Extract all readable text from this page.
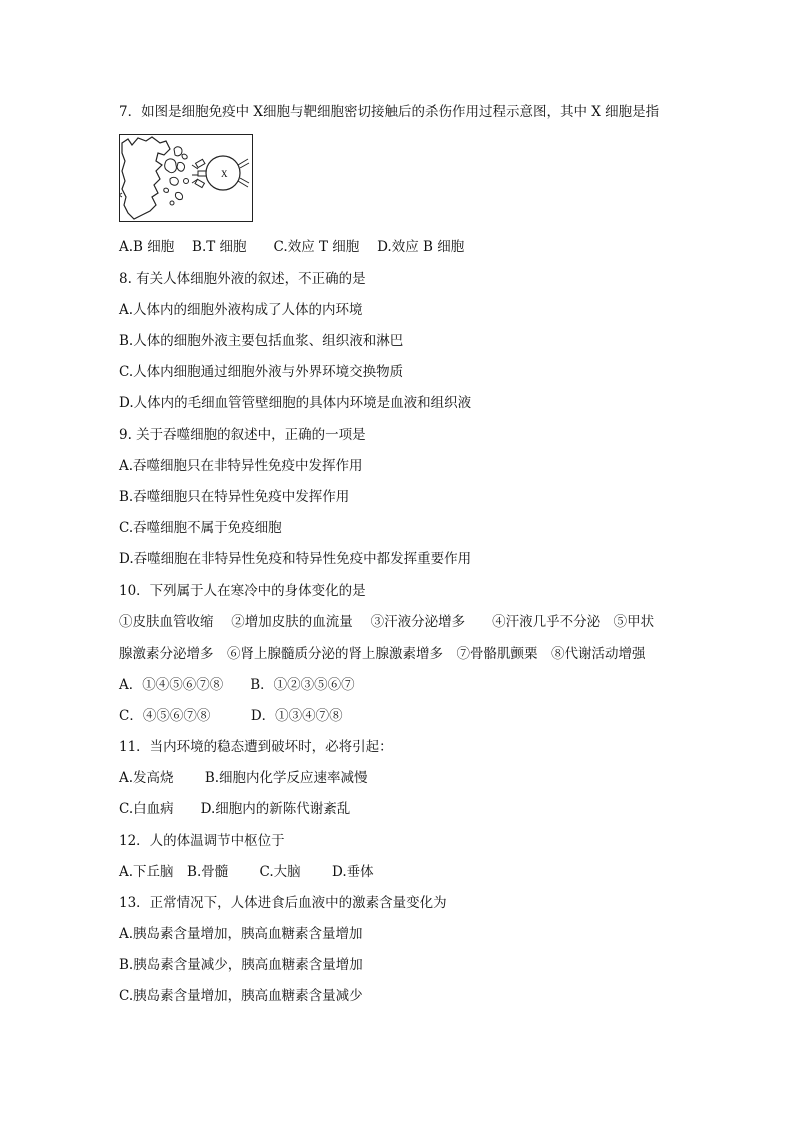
7．如图是细胞免疫中 X细胞与靶细胞密切接触后的杀伤作用过程示意图，其中 X 细胞是指
X
A.B 细胞　 B.T 细胞　　C.效应 T 细胞　 D.效应 B 细胞
8. 有关人体细胞外液的叙述，不正确的是
A.人体内的细胞外液构成了人体的内环境
B.人体的细胞外液主要包括血浆、组织液和淋巴
C.人体内细胞通过细胞外液与外界环境交换物质
D.人体内的毛细血管管壁细胞的具体内环境是血液和组织液
9. 关于吞噬细胞的叙述中，正确的一项是
A.吞噬细胞只在非特异性免疫中发挥作用
B.吞噬细胞只在特异性免疫中发挥作用
C.吞噬细胞不属于免疫细胞
D.吞噬细胞在非特异性免疫和特异性免疫中都发挥重要作用
10．下列属于人在寒冷中的身体变化的是
①皮肤血管收缩　 ②增加皮肤的血流量　 ③汗液分泌增多　　④汗液几乎不分泌　⑤甲状
腺激素分泌增多　⑥肾上腺髓质分泌的肾上腺激素增多　⑦骨骼肌颤栗　⑧代谢活动增强
A．①④⑤⑥⑦⑧　　B．①②③⑤⑥⑦
C．④⑤⑥⑦⑧　　　D．①③④⑦⑧
11．当内环境的稳态遭到破坏时，必将引起：
A.发高烧　　 B.细胞内化学反应速率减慢
C.白血病　　D.细胞内的新陈代谢紊乱
12．人的体温调节中枢位于
A.下丘脑　B.骨髓　　 C.大脑　　 D.垂体
13．正常情况下，人体进食后血液中的激素含量变化为
A.胰岛素含量增加，胰高血糖素含量增加
B.胰岛素含量减少，胰高血糖素含量增加
C.胰岛素含量增加，胰高血糖素含量减少
